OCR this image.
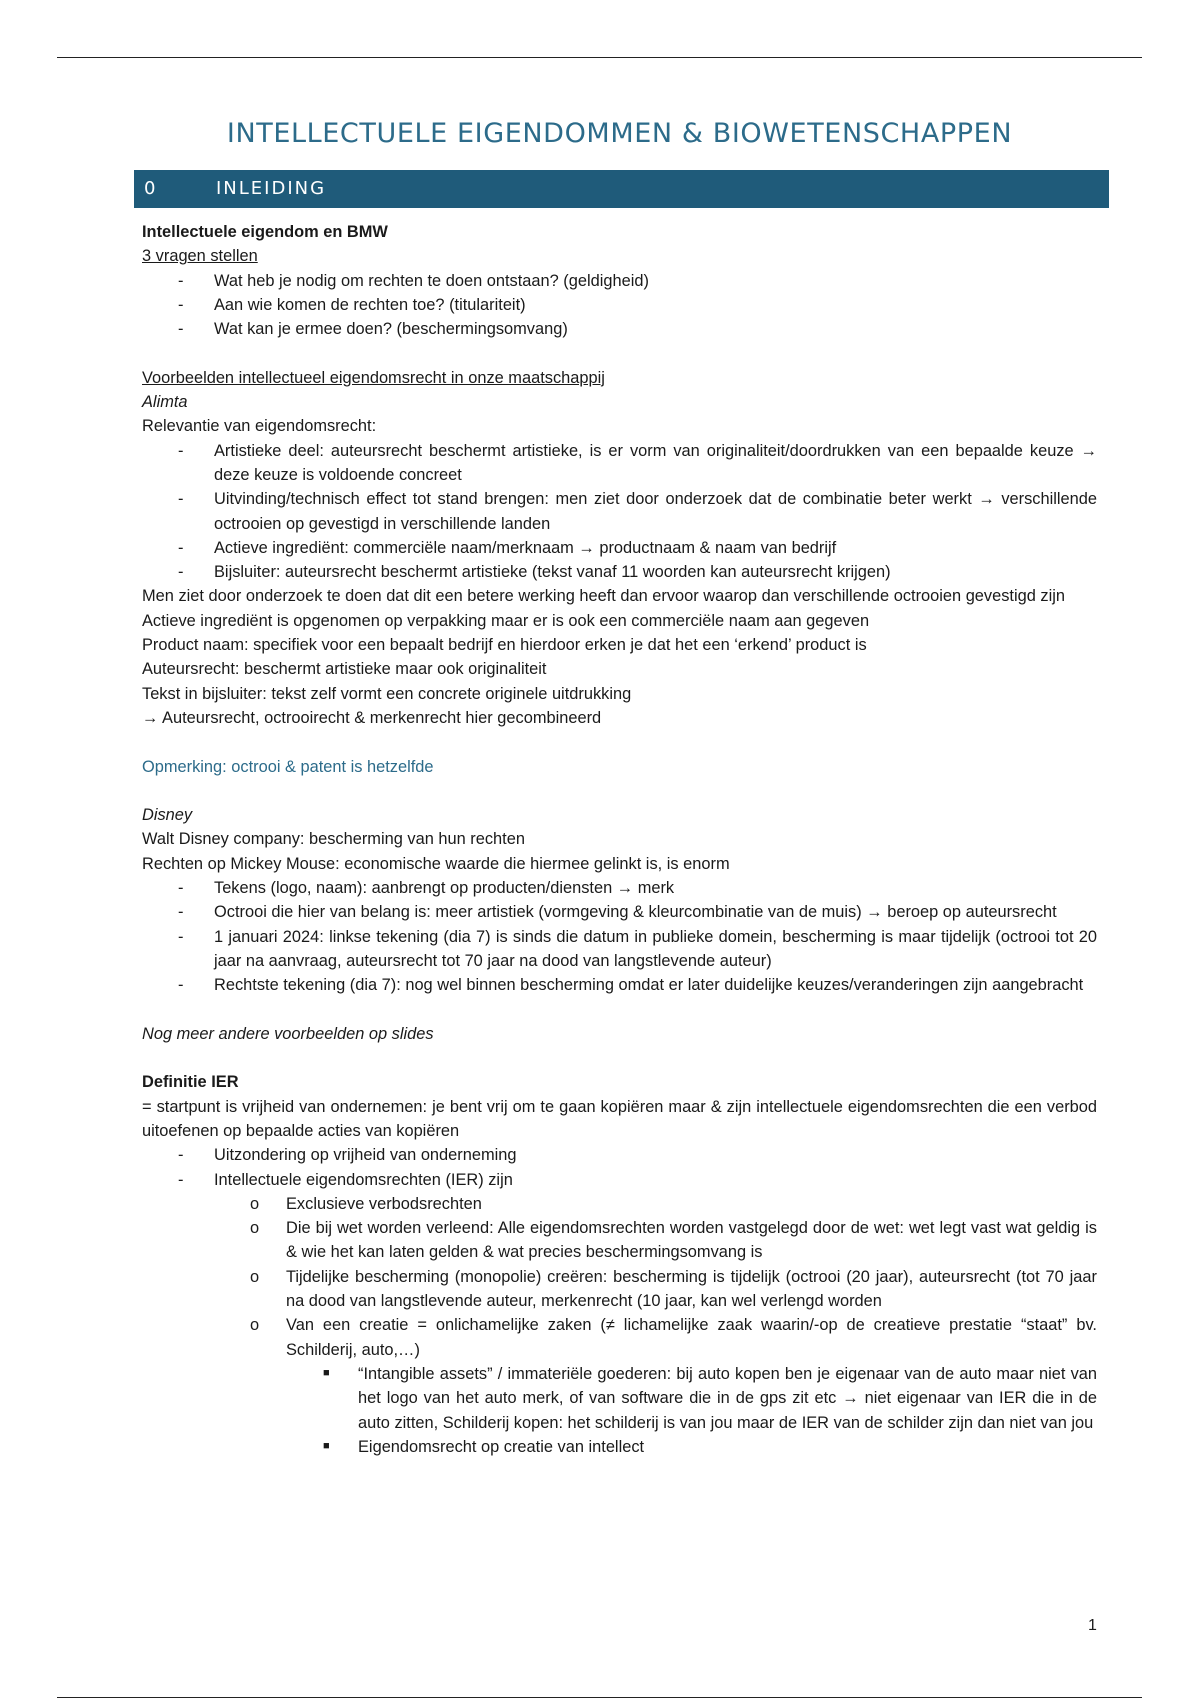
INTELLECTUELE EIGENDOMMEN & BIOWETENSCHAPPEN
0	INLEIDING

Intellectuele eigendom en BMW

3 vragen stellen

- Wat heb je nodig om rechten te doen ontstaan? (geldigheid)
- Aan wie komen de rechten toe? (titulariteit)
- Wat kan je ermee doen? (beschermingsomvang)

Voorbeelden intellectueel eigendomsrecht in onze maatschappij

Alimta

Relevantie van eigendomsrecht:

- Artistieke deel: auteursrecht beschermt artistieke, is er vorm van originaliteit/doordrukken van een bepaalde keuze → deze keuze is voldoende concreet
- Uitvinding/technisch effect tot stand brengen: men ziet door onderzoek dat de combinatie beter werkt → verschillende octrooien op gevestigd in verschillende landen
- Actieve ingrediënt: commerciële naam/merknaam → productnaam & naam van bedrijf
- Bijsluiter: auteursrecht beschermt artistieke (tekst vanaf 11 woorden kan auteursrecht krijgen)

Men ziet door onderzoek te doen dat dit een betere werking heeft dan ervoor waarop dan verschillende octrooien gevestigd zijn

Actieve ingrediënt is opgenomen op verpakking maar er is ook een commerciële naam aan gegeven

Product naam: specifiek voor een bepaalt bedrijf en hierdoor erken je dat het een ‘erkend’ product is

Auteursrecht: beschermt artistieke maar ook originaliteit

Tekst in bijsluiter: tekst zelf vormt een concrete originele uitdrukking

→ Auteursrecht, octrooirecht & merkenrecht hier gecombineerd

Opmerking: octrooi & patent is hetzelfde

Disney

Walt Disney company: bescherming van hun rechten

Rechten op Mickey Mouse: economische waarde die hiermee gelinkt is, is enorm

- Tekens (logo, naam): aanbrengt op producten/diensten → merk
- Octrooi die hier van belang is: meer artistiek (vormgeving & kleurcombinatie van de muis) → beroep op auteursrecht
- 1 januari 2024: linkse tekening (dia 7) is sinds die datum in publieke domein, bescherming is maar tijdelijk (octrooi tot 20 jaar na aanvraag, auteursrecht tot 70 jaar na dood van langstlevende auteur)
- Rechtste tekening (dia 7): nog wel binnen bescherming omdat er later duidelijke keuzes/veranderingen zijn aangebracht

Nog meer andere voorbeelden op slides

Definitie IER

= startpunt is vrijheid van ondernemen: je bent vrij om te gaan kopiëren maar & zijn intellectuele eigendomsrechten die een verbod uitoefenen op bepaalde acties van kopiëren

- Uitzondering op vrijheid van onderneming
- Intellectuele eigendomsrechten (IER) zijn
o Exclusieve verbodsrechten
o Die bij wet worden verleend: Alle eigendomsrechten worden vastgelegd door de wet: wet legt vast wat geldig is & wie het kan laten gelden & wat precies beschermingsomvang is
o Tijdelijke bescherming (monopolie) creëren: bescherming is tijdelijk (octrooi (20 jaar), auteursrecht (tot 70 jaar na dood van langstlevende auteur, merkenrecht (10 jaar, kan wel verlengd worden
o Van een creatie = onlichamelijke zaken (≠ lichamelijke zaak waarin/-op de creatieve prestatie “staat” bv. Schilderij, auto,…)
■ “Intangible assets” / immateriële goederen: bij auto kopen ben je eigenaar van de auto maar niet van het logo van het auto merk, of van software die in de gps zit etc → niet eigenaar van IER die in de auto zitten, Schilderij kopen: het schilderij is van jou maar de IER van de schilder zijn dan niet van jou
■ Eigendomsrecht op creatie van intellect
1
